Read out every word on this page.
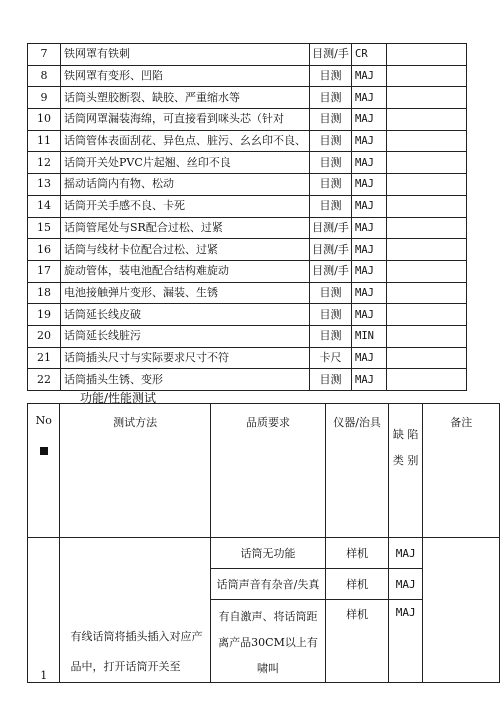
7	铁网罩有铁刺	目测/手	CR	
8	铁网罩有变形、凹陷	目测	MAJ	
9	话筒头塑胶断裂、缺胶、严重缩水等	目测	MAJ	
10	话筒网罩漏装海绵，可直接看到咪头芯（针对	目测	MAJ	
11	话筒管体表面刮花、异色点、脏污、幺幺印不良、	目测	MAJ	
12	话筒开关处PVC片起翘、丝印不良	目测	MAJ	
13	摇动话筒内有物、松动	目测	MAJ	
14	话筒开关手感不良、卡死	目测	MAJ	
15	话筒管尾处与SR配合过松、过紧	目测/手	MAJ	
16	话筒与线材卡位配合过松、过紧	目测/手	MAJ	
17	旋动管体，装电池配合结构难旋动	目测/手	MAJ	
18	电池接触弹片变形、漏装、生锈	目测	MAJ	
19	话筒延长线皮破	目测	MAJ	
20	话筒延长线脏污	目测	MIN	
21	话筒插头尺寸与实际要求尺寸不符	卡尺	MAJ	
22	话筒插头生锈、变形	目测	MAJ	
功能/性能测试
No	测试方法	品质要求	仪器/治具	缺 陷 类 别	备注
1	有线话筒将插头插入对应产品中，打开话筒开关至	话筒无功能	样机	MAJ	
		话筒声音有杂音/失真	样机	MAJ	
		有自激声、将话筒距离产品30CM以上有啸叫	样机	MAJ	
